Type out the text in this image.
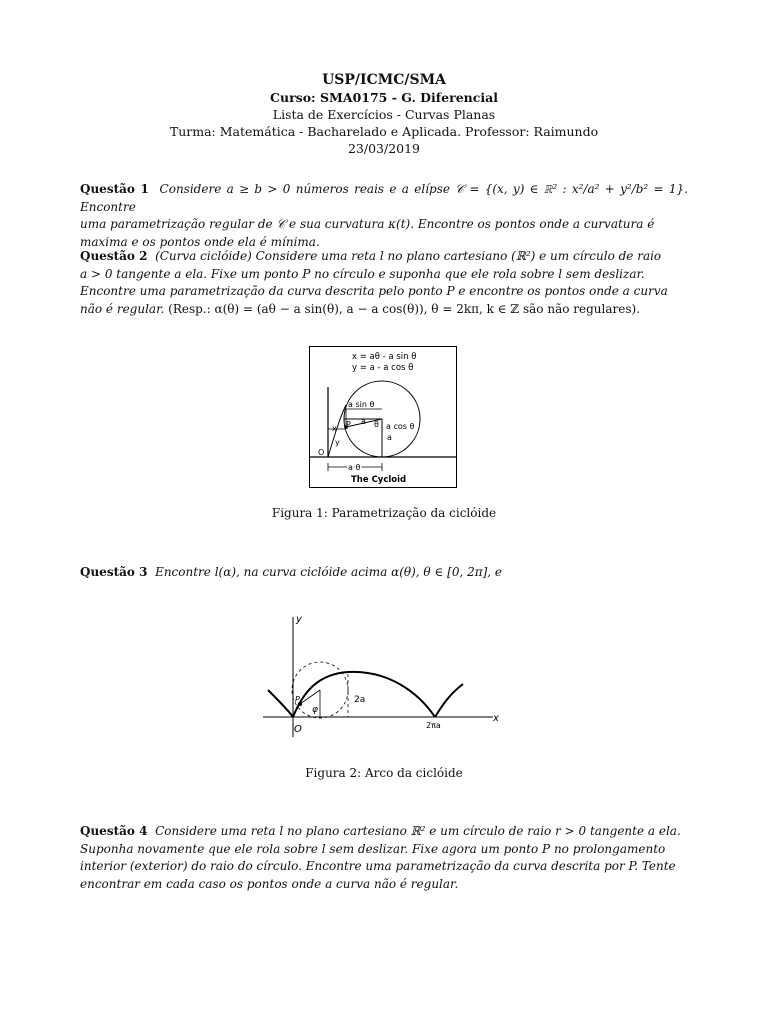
USP/ICMC/SMA
Curso: SMA0175 - G. Diferencial
Lista de Exercícios - Curvas Planas
Turma: Matemática - Bacharelado e Aplicada. Professor: Raimundo
23/03/2019
Questão 1 Considere a ≥ b > 0 números reais e a elípse 𝒞 = {(x, y) ∈ ℝ² : x²/a² + y²/b² = 1}. Encontre
uma parametrização regular de 𝒞 e sua curvatura κ(t). Encontre os pontos onde a curvatura é
maxima e os pontos onde ela é mínima.
Questão 2 (Curva ciclóide) Considere uma reta l no plano cartesiano (ℝ²) e um círculo de raio
a > 0 tangente a ela. Fixe um ponto P no círculo e suponha que ele rola sobre l sem deslizar.
Encontre uma parametrização da curva descrita pelo ponto P e encontre os pontos onde a curva
não é regular. (Resp.: α(θ) = (aθ − a sin(θ), a − a cos(θ)), θ = 2kπ, k ∈ ℤ são não regulares).
x = aθ - a sin θ
y = a - a cos θ
a sin θ
a cos θ
a
a
θ
P
x
y
O
a θ
The Cycloid
Figura 1: Parametrização da ciclóide
Questão 3 Encontre l(α), na curva ciclóide acima α(θ), θ ∈ [0, 2π], e
y
x
O
2a
2πa
P
φ
Figura 2: Arco da ciclóide
Questão 4 Considere uma reta l no plano cartesiano ℝ² e um círculo de raio r > 0 tangente a ela.
Suponha novamente que ele rola sobre l sem deslizar. Fixe agora um ponto P no prolongamento
interior (exterior) do raio do círculo. Encontre uma parametrização da curva descrita por P. Tente
encontrar em cada caso os pontos onde a curva não é regular.
